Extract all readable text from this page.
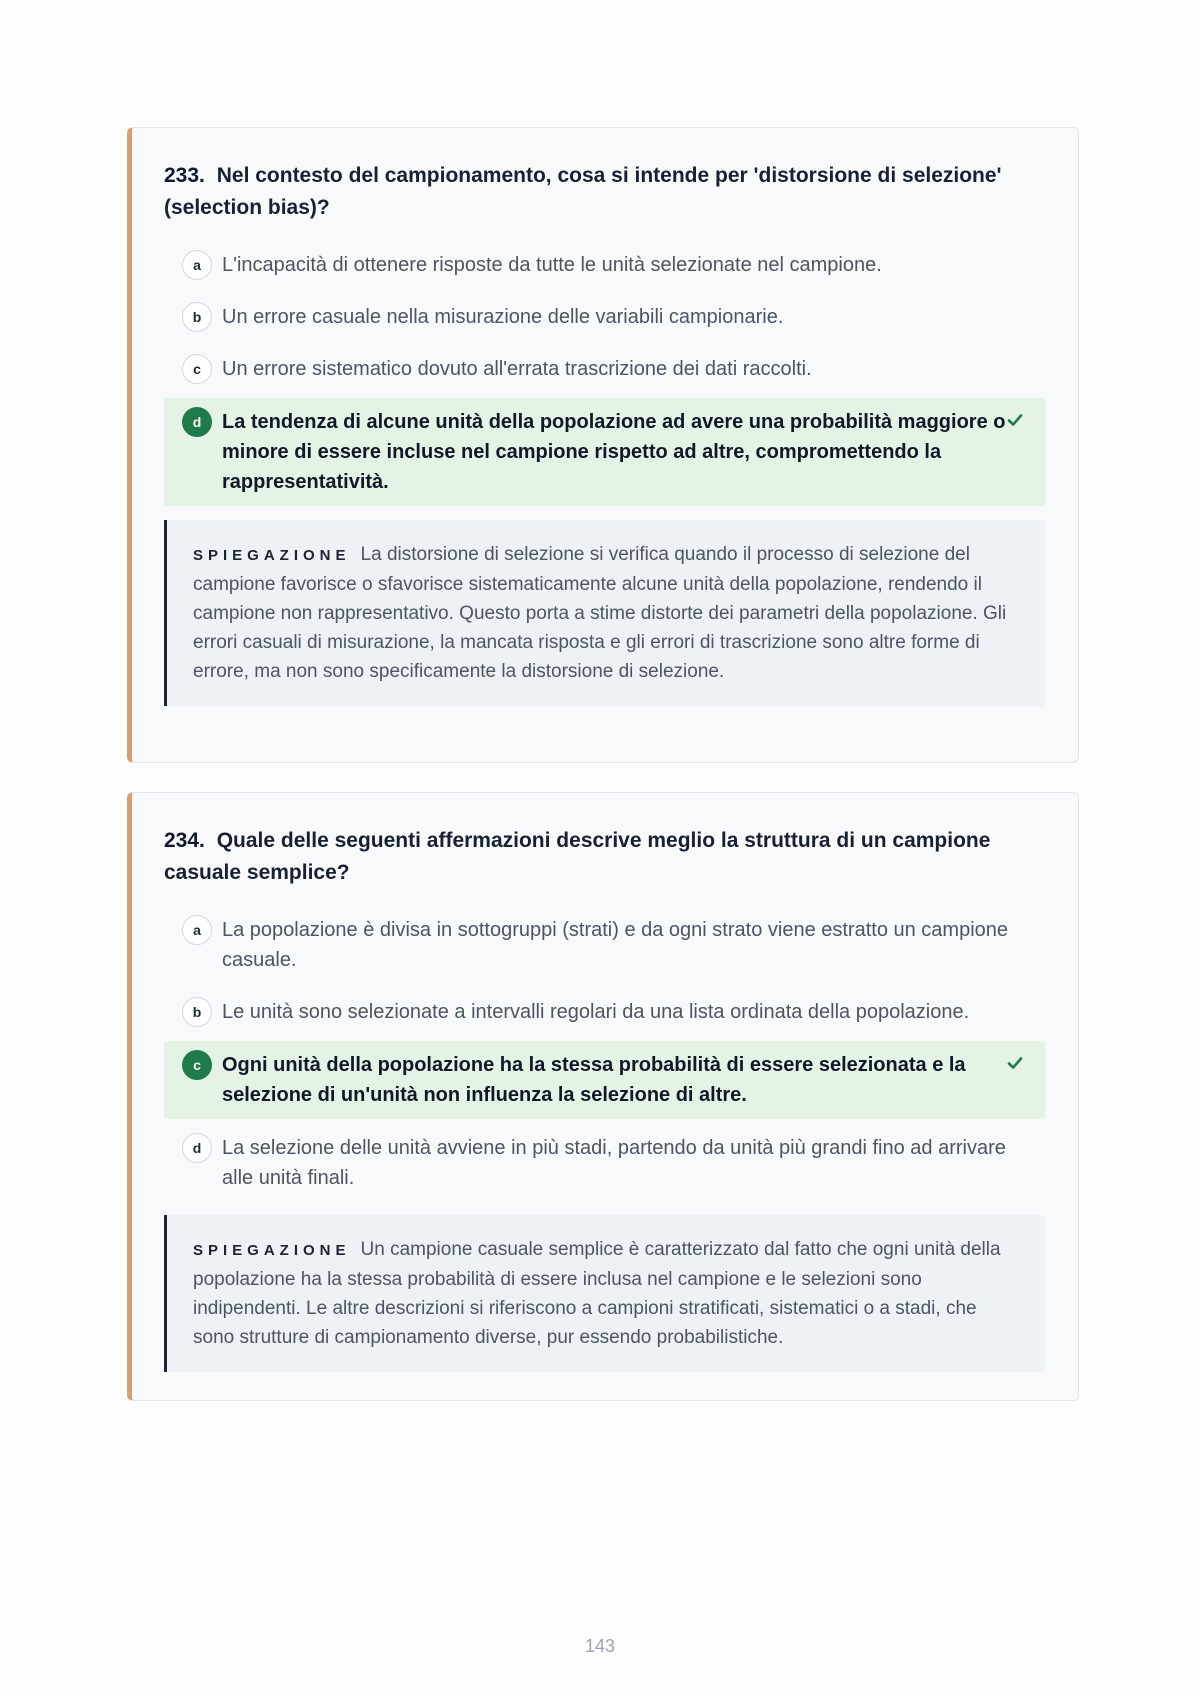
233. Nel contesto del campionamento, cosa si intende per 'distorsione di selezione' (selection bias)?
a	L'incapacità di ottenere risposte da tutte le unità selezionate nel campione.
b	Un errore casuale nella misurazione delle variabili campionarie.
c	Un errore sistematico dovuto all'errata trascrizione dei dati raccolti.
d	La tendenza di alcune unità della popolazione ad avere una probabilità maggiore o minore di essere incluse nel campione rispetto ad altre, compromettendo la rappresentatività.
SPIEGAZIONE La distorsione di selezione si verifica quando il processo di selezione del campione favorisce o sfavorisce sistematicamente alcune unità della popolazione, rendendo il campione non rappresentativo. Questo porta a stime distorte dei parametri della popolazione. Gli errori casuali di misurazione, la mancata risposta e gli errori di trascrizione sono altre forme di errore, ma non sono specificamente la distorsione di selezione.
234. Quale delle seguenti affermazioni descrive meglio la struttura di un campione casuale semplice?
a	La popolazione è divisa in sottogruppi (strati) e da ogni strato viene estratto un campione casuale.
b	Le unità sono selezionate a intervalli regolari da una lista ordinata della popolazione.
c	Ogni unità della popolazione ha la stessa probabilità di essere selezionata e la selezione di un'unità non influenza la selezione di altre.
d	La selezione delle unità avviene in più stadi, partendo da unità più grandi fino ad arrivare alle unità finali.
SPIEGAZIONE Un campione casuale semplice è caratterizzato dal fatto che ogni unità della popolazione ha la stessa probabilità di essere inclusa nel campione e le selezioni sono indipendenti. Le altre descrizioni si riferiscono a campioni stratificati, sistematici o a stadi, che sono strutture di campionamento diverse, pur essendo probabilistiche.
143
